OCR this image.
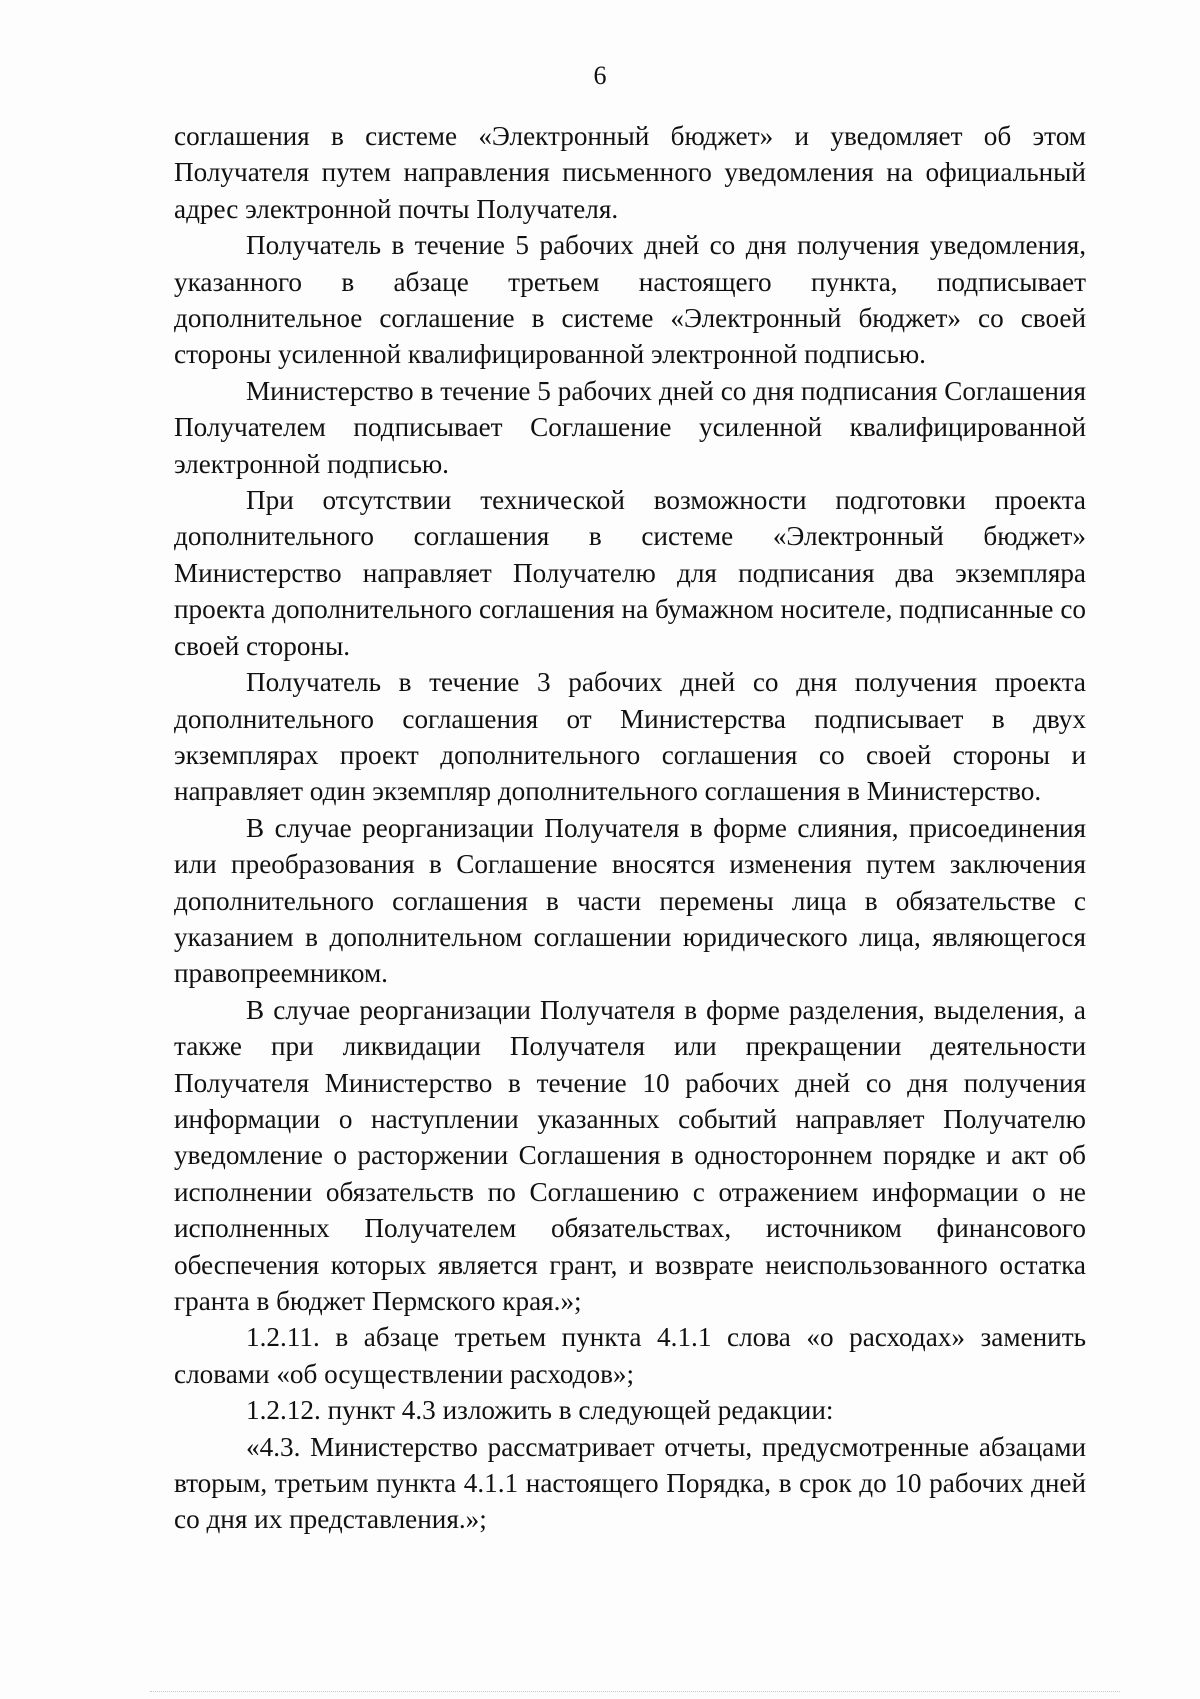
6

соглашения в системе «Электронный бюджет» и уведомляет об этом Получателя путем направления письменного уведомления на официальный адрес электронной почты Получателя.

Получатель в течение 5 рабочих дней со дня получения уведомления, указанного в абзаце третьем настоящего пункта, подписывает дополнительное соглашение в системе «Электронный бюджет» со своей стороны усиленной квалифицированной электронной подписью.

Министерство в течение 5 рабочих дней со дня подписания Соглашения Получателем подписывает Соглашение усиленной квалифицированной электронной подписью.

При отсутствии технической возможности подготовки проекта дополнительного соглашения в системе «Электронный бюджет» Министерство направляет Получателю для подписания два экземпляра проекта дополнительного соглашения на бумажном носителе, подписанные со своей стороны.

Получатель в течение 3 рабочих дней со дня получения проекта дополнительного соглашения от Министерства подписывает в двух экземплярах проект дополнительного соглашения со своей стороны и направляет один экземпляр дополнительного соглашения в Министерство.

В случае реорганизации Получателя в форме слияния, присоединения или преобразования в Соглашение вносятся изменения путем заключения дополнительного соглашения в части перемены лица в обязательстве с указанием в дополнительном соглашении юридического лица, являющегося правопреемником.

В случае реорганизации Получателя в форме разделения, выделения, а также при ликвидации Получателя или прекращении деятельности Получателя Министерство в течение 10 рабочих дней со дня получения информации о наступлении указанных событий направляет Получателю уведомление о расторжении Соглашения в одностороннем порядке и акт об исполнении обязательств по Соглашению с отражением информации о не исполненных Получателем обязательствах, источником финансового обеспечения которых является грант, и возврате неиспользованного остатка гранта в бюджет Пермского края.»;

1.2.11. в абзаце третьем пункта 4.1.1 слова «о расходах» заменить словами «об осуществлении расходов»;

1.2.12. пункт 4.3 изложить в следующей редакции:

«4.3. Министерство рассматривает отчеты, предусмотренные абзацами вторым, третьим пункта 4.1.1 настоящего Порядка, в срок до 10 рабочих дней со дня их представления.»;
